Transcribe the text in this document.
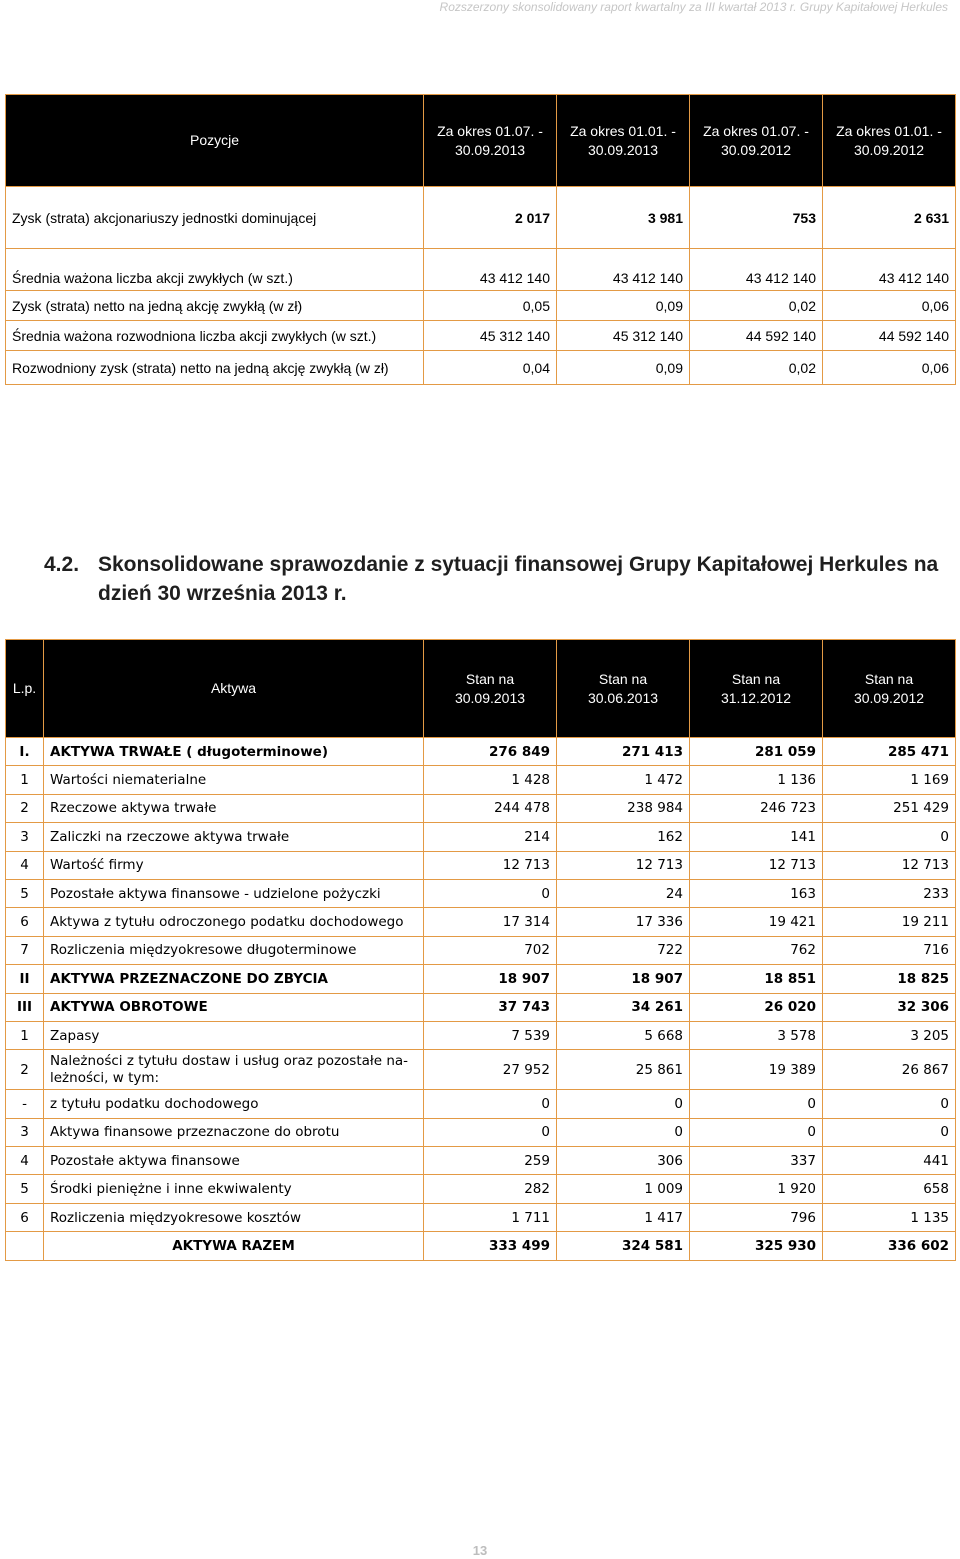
Rozszerzony skonsolidowany raport kwartalny za III kwartał 2013 r. Grupy Kapitałowej Herkules
Pozycje	Za okres 01.07. - 30.09.2013	Za okres 01.01. - 30.09.2013	Za okres 01.07. - 30.09.2012	Za okres 01.01. - 30.09.2012
Zysk (strata) akcjonariuszy jednostki dominującej	2 017	3 981	753	2 631
Średnia ważona liczba akcji zwykłych (w szt.)	43 412 140	43 412 140	43 412 140	43 412 140
Zysk (strata) netto na jedną akcję zwykłą (w zł)	0,05	0,09	0,02	0,06
Średnia ważona rozwodniona liczba akcji zwykłych (w szt.)	45 312 140	45 312 140	44 592 140	44 592 140
Rozwodniony zysk (strata) netto na jedną akcję zwykłą (w zł)	0,04	0,09	0,02	0,06
4.2. Skonsolidowane sprawozdanie z sytuacji finansowej Grupy Kapitałowej Herkules na dzień 30 września 2013 r.
L.p.	Aktywa	Stan na 30.09.2013	Stan na 30.06.2013	Stan na 31.12.2012	Stan na 30.09.2012
I.	AKTYWA TRWAŁE ( długoterminowe)	276 849	271 413	281 059	285 471
1	Wartości niematerialne	1 428	1 472	1 136	1 169
2	Rzeczowe aktywa trwałe	244 478	238 984	246 723	251 429
3	Zaliczki na rzeczowe aktywa trwałe	214	162	141	0
4	Wartość firmy	12 713	12 713	12 713	12 713
5	Pozostałe aktywa finansowe - udzielone pożyczki	0	24	163	233
6	Aktywa z tytułu odroczonego podatku dochodowego	17 314	17 336	19 421	19 211
7	Rozliczenia międzyokresowe długoterminowe	702	722	762	716
II	AKTYWA PRZEZNACZONE DO ZBYCIA	18 907	18 907	18 851	18 825
III	AKTYWA OBROTOWE	37 743	34 261	26 020	32 306
1	Zapasy	7 539	5 668	3 578	3 205
2	Należności z tytułu dostaw i usług oraz pozostałe na-leżności, w tym:	27 952	25 861	19 389	26 867
-	z tytułu podatku dochodowego	0	0	0	0
3	Aktywa finansowe przeznaczone do obrotu	0	0	0	0
4	Pozostałe aktywa finansowe	259	306	337	441
5	Środki pieniężne i inne ekwiwalenty	282	1 009	1 920	658
6	Rozliczenia międzyokresowe kosztów	1 711	1 417	796	1 135
	AKTYWA RAZEM	333 499	324 581	325 930	336 602
13
